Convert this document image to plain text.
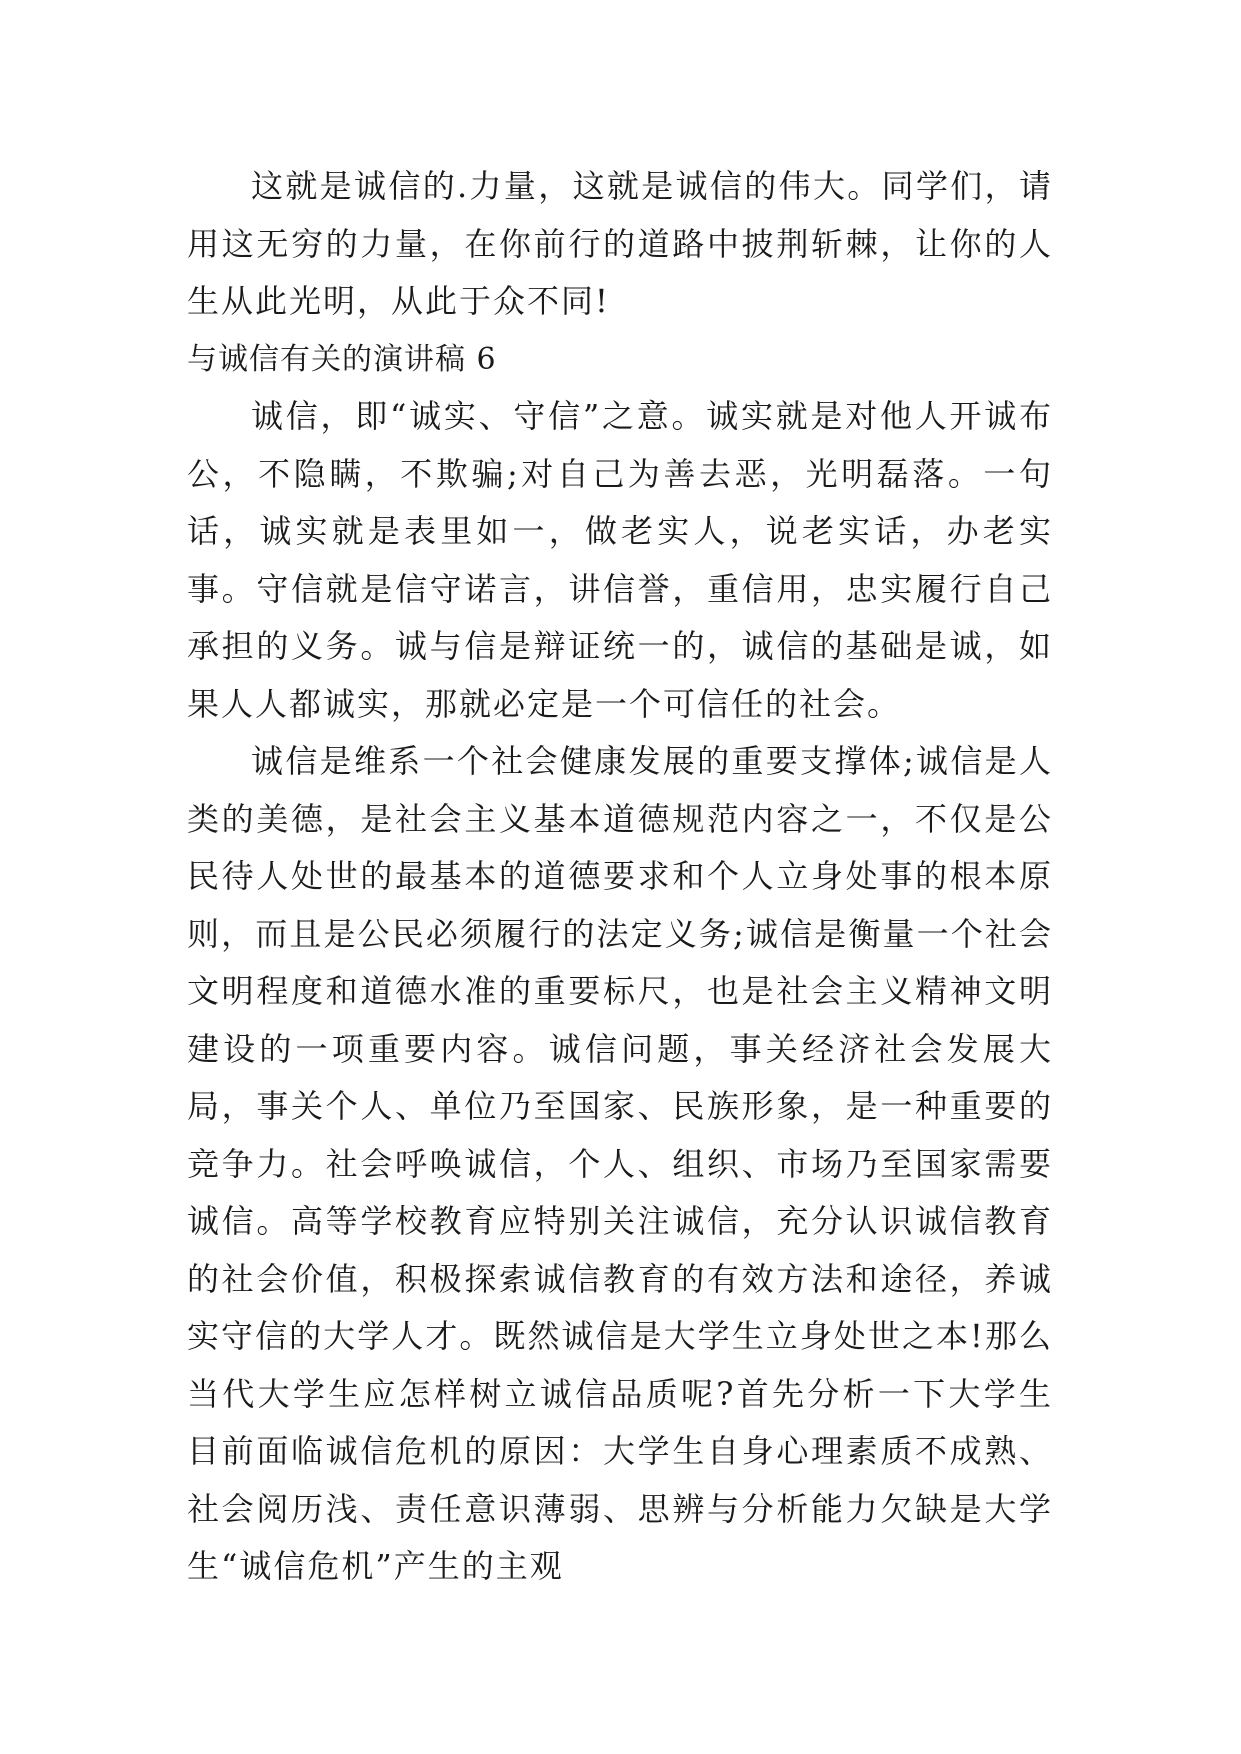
这就是诚信的.力量，这就是诚信的伟大。同学们，请用这无穷的力量，在你前行的道路中披荆斩棘，让你的人生从此光明，从此于众不同!

与诚信有关的演讲稿 6

诚信，即“诚实、守信”之意。诚实就是对他人开诚布公，不隐瞒，不欺骗;对自己为善去恶，光明磊落。一句话，诚实就是表里如一，做老实人，说老实话，办老实事。守信就是信守诺言，讲信誉，重信用，忠实履行自己承担的义务。诚与信是辩证统一的，诚信的基础是诚，如果人人都诚实，那就必定是一个可信任的社会。

诚信是维系一个社会健康发展的重要支撑体;诚信是人类的美德，是社会主义基本道德规范内容之一，不仅是公民待人处世的最基本的道德要求和个人立身处事的根本原则，而且是公民必须履行的法定义务;诚信是衡量一个社会文明程度和道德水准的重要标尺，也是社会主义精神文明建设的一项重要内容。诚信问题，事关经济社会发展大局，事关个人、单位乃至国家、民族形象，是一种重要的竞争力。社会呼唤诚信，个人、组织、市场乃至国家需要诚信。高等学校教育应特别关注诚信，充分认识诚信教育的社会价值，积极探索诚信教育的有效方法和途径，养诚实守信的大学人才。既然诚信是大学生立身处世之本!那么当代大学生应怎样树立诚信品质呢?首先分析一下大学生目前面临诚信危机的原因：大学生自身心理素质不成熟、社会阅历浅、责任意识薄弱、思辨与分析能力欠缺是大学生“诚信危机”产生的主观
